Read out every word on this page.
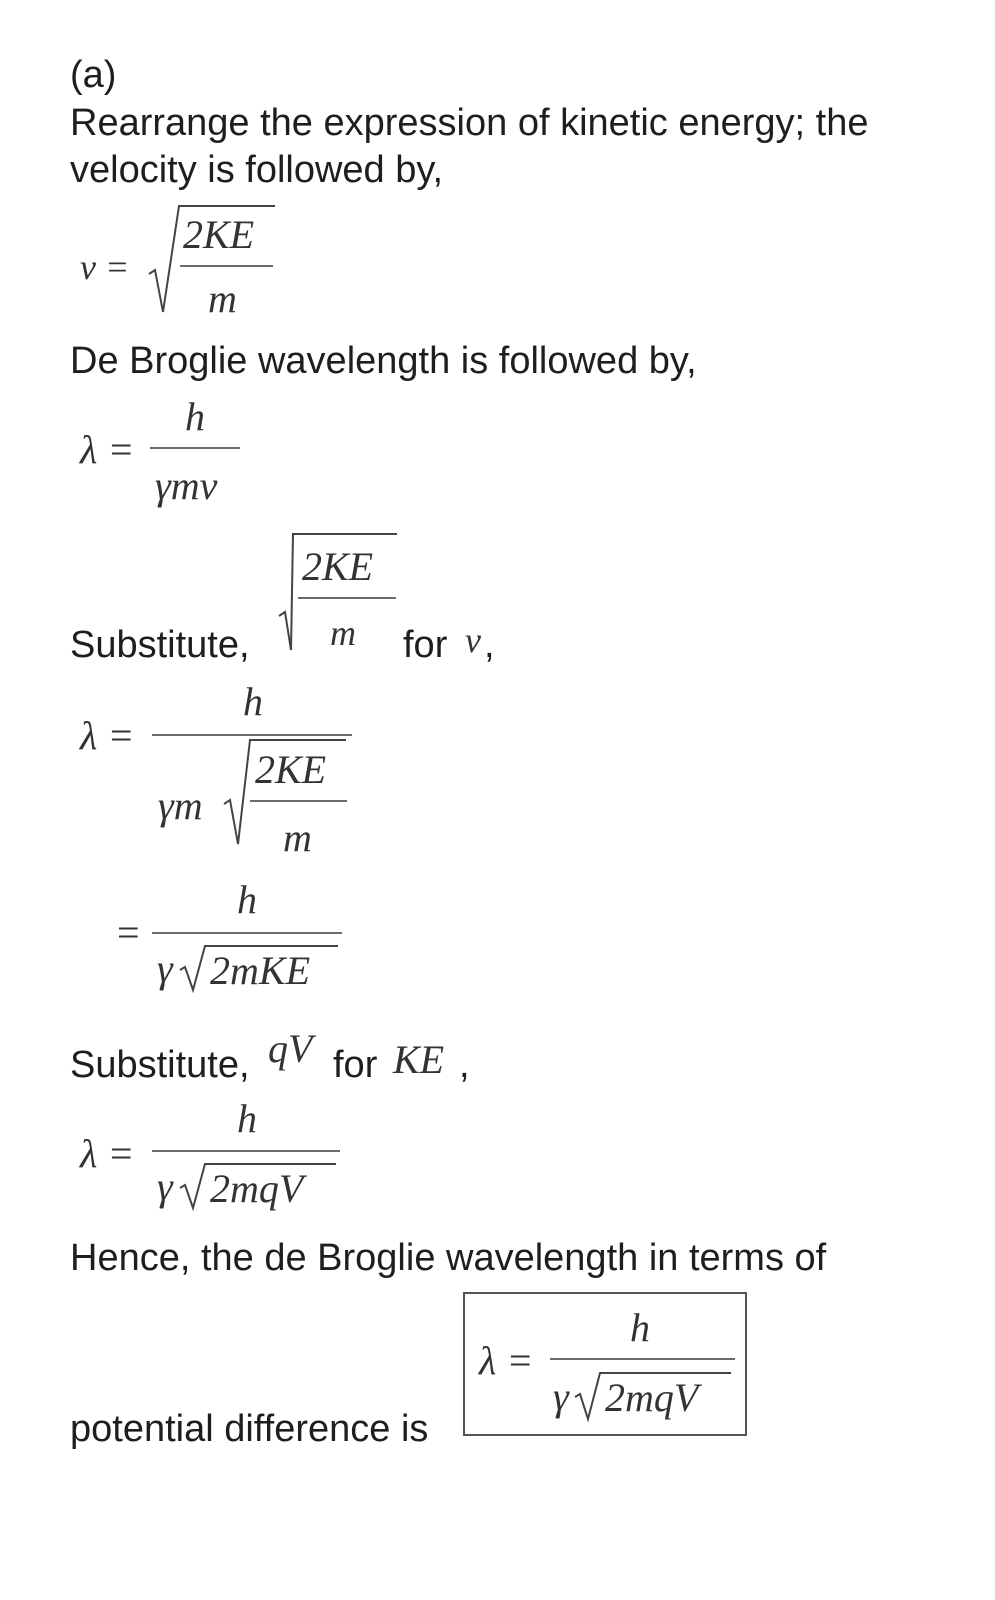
(a)
Rearrange the expression of kinetic energy; the
velocity is followed by,
v =
2KE
m
De Broglie wavelength is followed by,
λ =
h
γmv
Substitute,
2KE
m for v ,
λ =
h
γm
2KE
m
=
h
γ 2mKE
Substitute, qV for KE ,
λ =
h
γ 2mqV
Hence, the de Broglie wavelength in terms of
potential difference is
λ =
h
γ 2mqV
